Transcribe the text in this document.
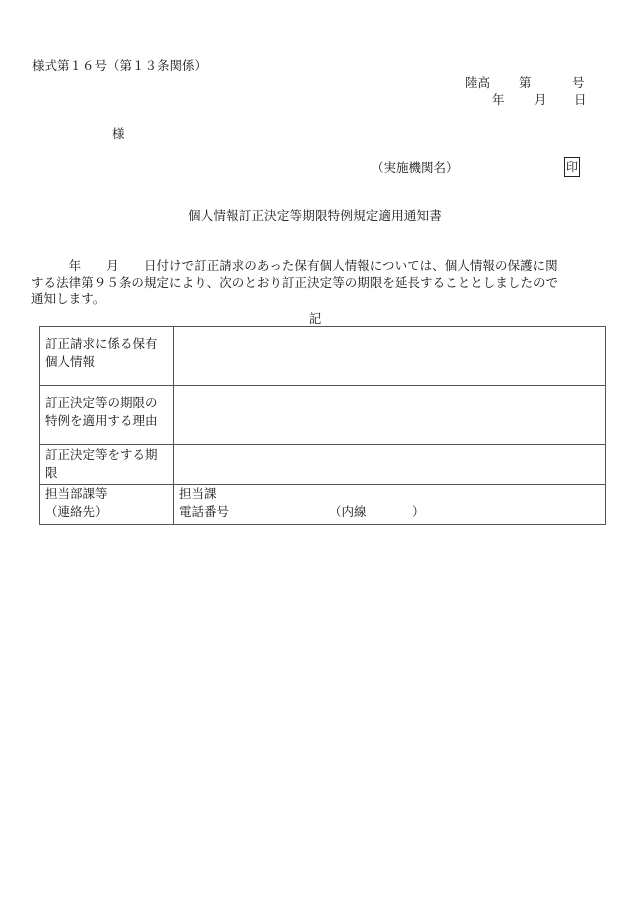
様式第１６号（第１３条関係）
陸高 第	号
年 月 日
様
（実施機関名）	印
個人情報訂正決定等期限特例規定適用通知書
　　　年　　月　　日付けで訂正請求のあった保有個人情報については、個人情報の保護に関
する法律第９５条の規定により、次のとおり訂正決定等の期限を延長することとしましたので
通知します。
記
訂正請求に係る保有個人情報	
訂正決定等の期限の特例を適用する理由	
訂正決定等をする期限	

担当部課等
（連絡先）	担当課
電話番号 （内線 ）
